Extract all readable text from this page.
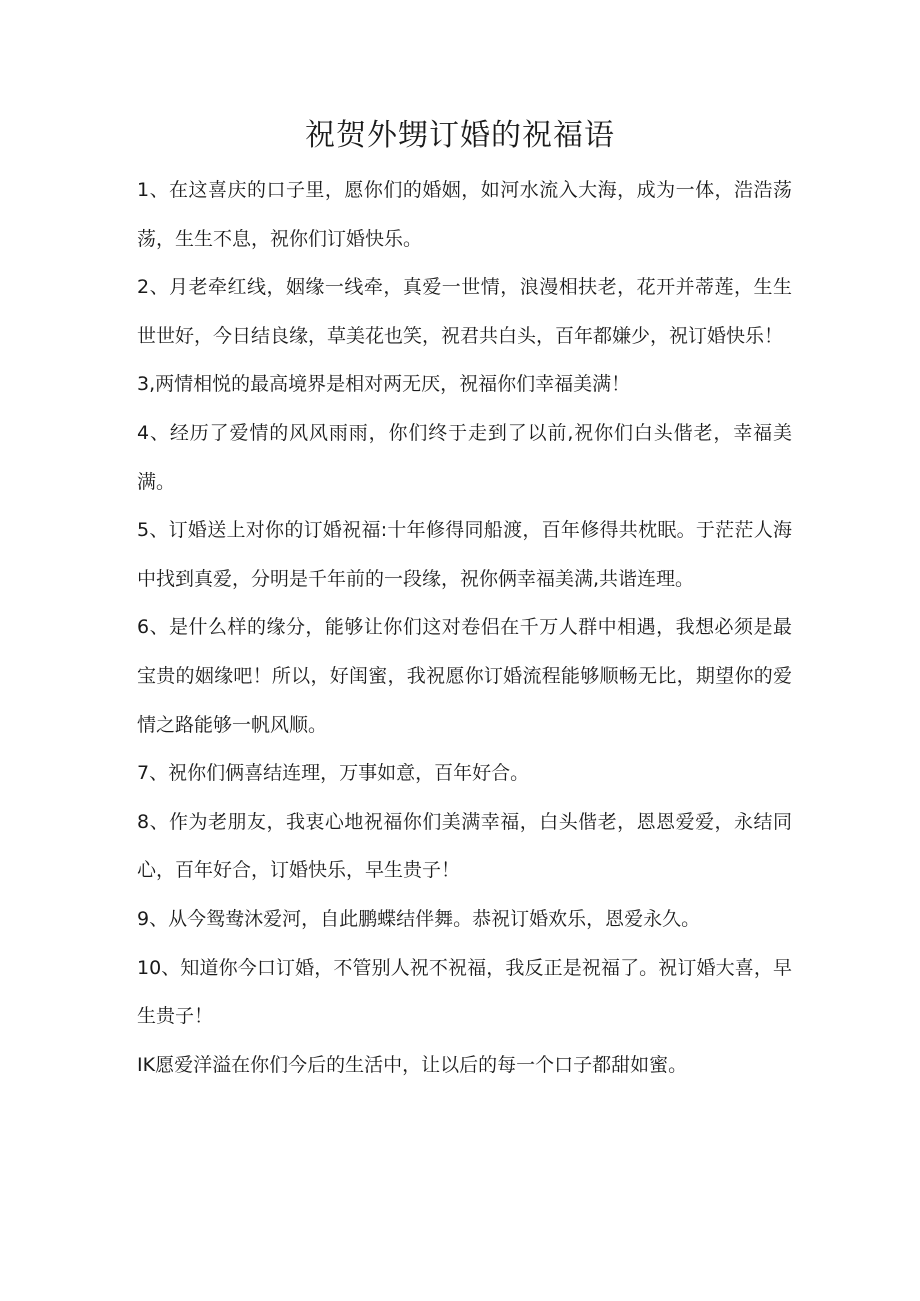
祝贺外甥订婚的祝福语

1、在这喜庆的口子里，愿你们的婚姻，如河水流入大海，成为一体，浩浩荡荡，生生不息，祝你们订婚快乐。

2、月老牵红线，姻缘一线牵，真爱一世情，浪漫相扶老，花开并蒂莲，生生世世好，今日结良缘，草美花也笑，祝君共白头，百年都嫌少，祝订婚快乐！

3,两情相悦的最高境界是相对两无厌，祝福你们幸福美满！

4、经历了爱情的风风雨雨，你们终于走到了以前,祝你们白头偕老，幸福美满。

5、订婚送上对你的订婚祝福:十年修得同船渡，百年修得共枕眠。于茫茫人海中找到真爱，分明是千年前的一段缘，祝你俩幸福美满,共谐连理。

6、是什么样的缘分，能够让你们这对卷侣在千万人群中相遇，我想必须是最宝贵的姻缘吧！所以，好闺蜜，我祝愿你订婚流程能够顺畅无比，期望你的爱情之路能够一帆风顺。

7、祝你们俩喜结连理，万事如意，百年好合。

8、作为老朋友，我衷心地祝福你们美满幸福，白头偕老，恩恩爱爱，永结同心，百年好合，订婚快乐，早生贵子！

9、从今鸳鸯沐爱河，自此鹏蝶结伴舞。恭祝订婚欢乐，恩爱永久。

10、知道你今口订婚，不管别人祝不祝福，我反正是祝福了。祝订婚大喜，早生贵子！

IK愿爱洋溢在你们今后的生活中，让以后的每一个口子都甜如蜜。
